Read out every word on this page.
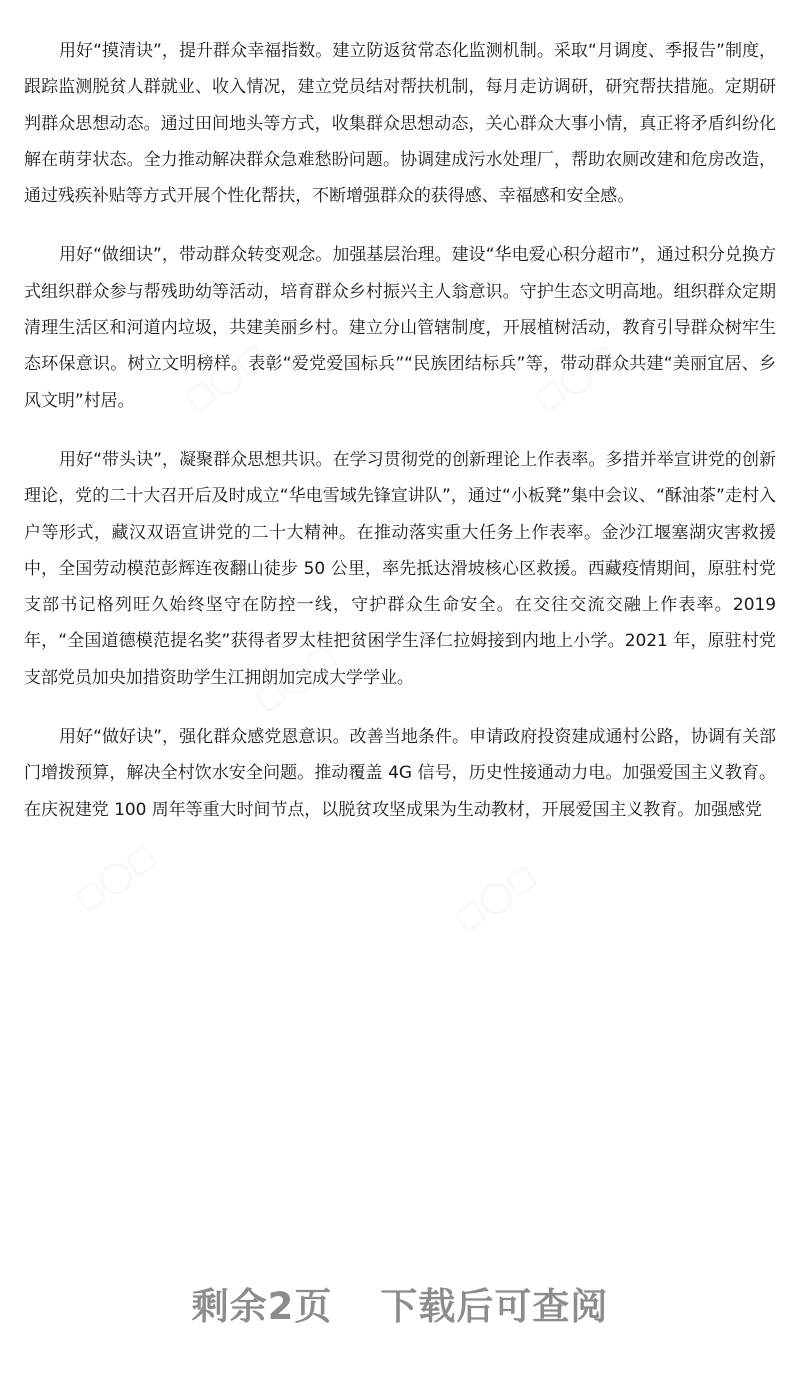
▢◯▢	▢◯▢
▢◯▢
▢◯▢	▢◯▢

用好“摸清诀”，提升群众幸福指数。建立防返贫常态化监测机制。采取“月调度、季报告”制度，跟踪监测脱贫人群就业、收入情况，建立党员结对帮扶机制，每月走访调研，研究帮扶措施。定期研判群众思想动态。通过田间地头等方式，收集群众思想动态，关心群众大事小情，真正将矛盾纠纷化解在萌芽状态。全力推动解决群众急难愁盼问题。协调建成污水处理厂，帮助农厕改建和危房改造，通过残疾补贴等方式开展个性化帮扶，不断增强群众的获得感、幸福感和安全感。

用好“做细诀”，带动群众转变观念。加强基层治理。建设“华电爱心积分超市”，通过积分兑换方式组织群众参与帮残助幼等活动，培育群众乡村振兴主人翁意识。守护生态文明高地。组织群众定期清理生活区和河道内垃圾，共建美丽乡村。建立分山管辖制度，开展植树活动，教育引导群众树牢生态环保意识。树立文明榜样。表彰“爱党爱国标兵”“民族团结标兵”等，带动群众共建“美丽宜居、乡风文明”村居。

用好“带头诀”，凝聚群众思想共识。在学习贯彻党的创新理论上作表率。多措并举宣讲党的创新理论，党的二十大召开后及时成立“华电雪域先锋宣讲队”，通过“小板凳”集中会议、“酥油茶”走村入户等形式，藏汉双语宣讲党的二十大精神。在推动落实重大任务上作表率。金沙江堰塞湖灾害救援中，全国劳动模范彭辉连夜翻山徒步 50 公里，率先抵达滑坡核心区救援。西藏疫情期间，原驻村党支部书记格列旺久始终坚守在防控一线，守护群众生命安全。在交往交流交融上作表率。2019 年，“全国道德模范提名奖”获得者罗太桂把贫困学生泽仁拉姆接到内地上小学。2021 年，原驻村党支部党员加央加措资助学生江拥朗加完成大学学业。

用好“做好诀”，强化群众感党恩意识。改善当地条件。申请政府投资建成通村公路，协调有关部门增拨预算，解决全村饮水安全问题。推动覆盖 4G 信号，历史性接通动力电。加强爱国主义教育。在庆祝建党 100 周年等重大时间节点，以脱贫攻坚成果为生动教材，开展爱国主义教育。加强感党

剩余2页 下载后可查阅
